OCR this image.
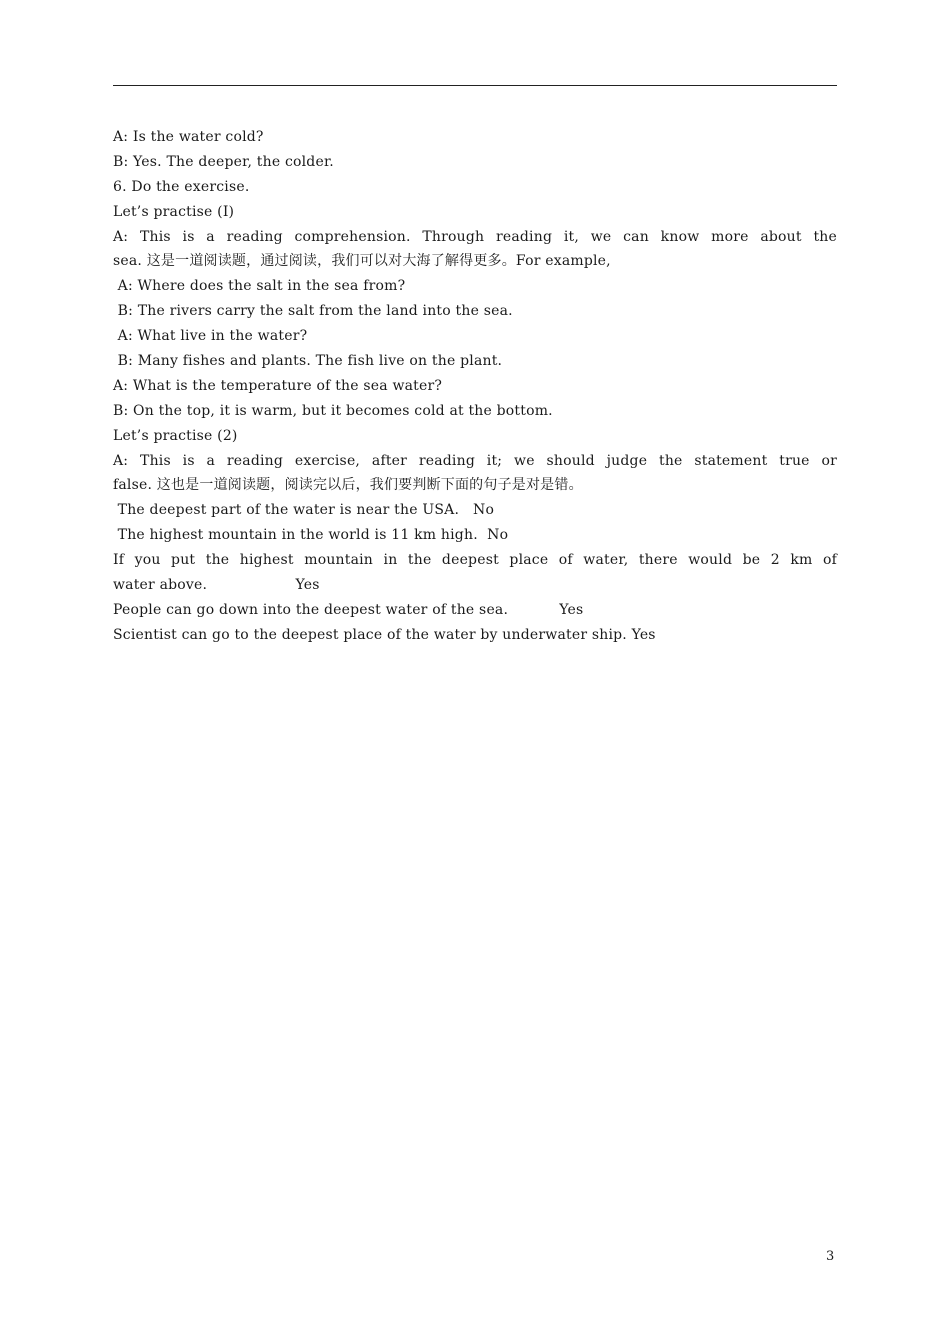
A: Is the water cold?
B: Yes. The deeper, the colder.
6. Do the exercise.
Let’s practise (Ⅰ)
A: This is a reading comprehension. Through reading it, we can know more about the
sea. 这是一道阅读题，通过阅读，我们可以对大海了解得更多。For example,
A: Where does the salt in the sea from?
B: The rivers carry the salt from the land into the sea.
A: What live in the water?
B: Many fishes and plants. The fish live on the plant.
A: What is the temperature of the sea water?
B: On the top, it is warm, but it becomes cold at the bottom.
Let’s practise (2)
A: This is a reading exercise, after reading it; we should judge the statement true or
false. 这也是一道阅读题，阅读完以后，我们要判断下面的句子是对是错。
The deepest part of the water is near the USA.   No
The highest mountain in the world is 11 km high.  No
If you put the highest mountain in the deepest place of water, there would be 2 km of
water above.                   Yes
People can go down into the deepest water of the sea.           Yes
Scientist can go to the deepest place of the water by underwater ship. Yes
3
